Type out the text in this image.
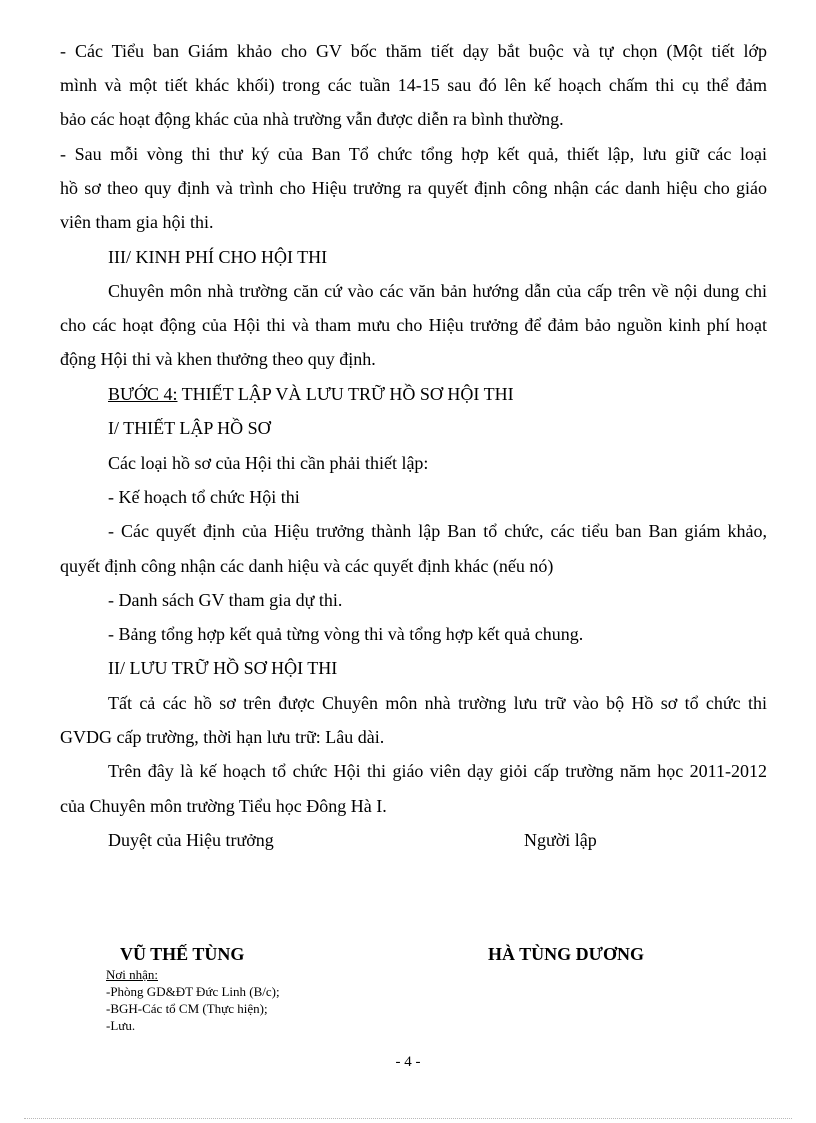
- Các Tiểu ban Giám khảo cho GV bốc thăm tiết dạy bắt buộc và tự chọn (Một tiết lớp
mình và một tiết khác khối) trong các tuần 14-15 sau đó lên kế hoạch chấm thi cụ thể đảm
bảo các hoạt động khác của nhà trường vẫn được diễn ra bình thường.
- Sau mỗi vòng thi thư ký của Ban Tổ chức tổng hợp kết quả, thiết lập, lưu giữ các loại
hồ sơ theo quy định và trình cho Hiệu trưởng ra quyết định công nhận các danh hiệu cho giáo
viên tham gia hội thi.
III/ KINH PHÍ CHO HỘI THI
Chuyên môn nhà trường căn cứ vào các văn bản hướng dẫn của cấp trên về nội dung chi
cho các hoạt động của Hội thi và tham mưu cho Hiệu trưởng để đảm bảo nguồn kinh phí hoạt
động Hội thi và khen thưởng theo quy định.
BƯỚC 4: THIẾT LẬP VÀ LƯU TRỮ HỒ SƠ HỘI THI
I/ THIẾT LẬP HỒ SƠ
Các loại hồ sơ của Hội thi cần phải thiết lập:
- Kế hoạch tổ chức Hội thi
- Các quyết định của Hiệu trưởng thành lập Ban tổ chức, các tiểu ban Ban giám khảo,
quyết định công nhận các danh hiệu và các quyết định khác (nếu nó)
- Danh sách GV tham gia dự thi.
- Bảng tổng hợp kết quả từng vòng thi và tổng hợp kết quả chung.
II/ LƯU TRỮ HỒ SƠ HỘI THI
Tất cả các hồ sơ trên được Chuyên môn nhà trường lưu trữ vào bộ Hồ sơ tổ chức thi
GVDG cấp trường, thời hạn lưu trữ: Lâu dài.
Trên đây là kế hoạch tổ chức Hội thi giáo viên dạy giỏi cấp trường năm học 2011-2012
của Chuyên môn trường Tiểu học Đông Hà I.
Duyệt của Hiệu trưởng	Người lập
VŨ THẾ TÙNG	HÀ TÙNG DƯƠNG
Nơi nhận:
-Phòng GD&ĐT Đức Linh (B/c);
-BGH-Các tổ CM (Thực hiện);
-Lưu.
- 4 -
